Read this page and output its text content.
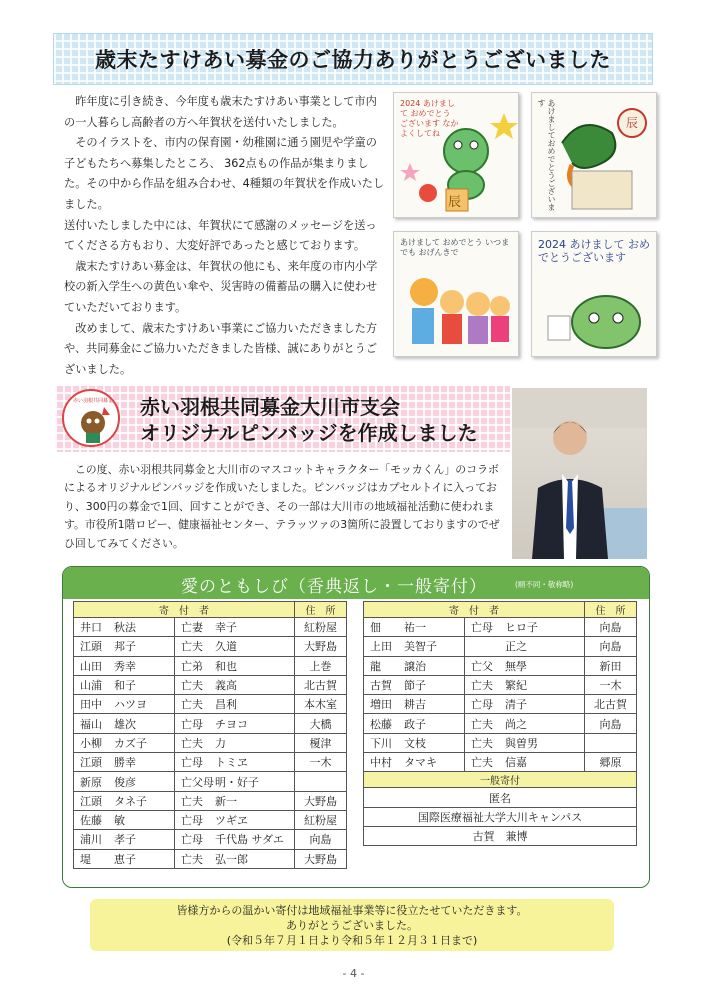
歳末たすけあい募金のご協力ありがとうございました

昨年度に引き続き、今年度も歳末たすけあい事業として市内の一人暮らし高齢者の方へ年賀状を送付いたしました。

そのイラストを、市内の保育園・幼稚園に通う園児や学童の子どもたちへ募集したところ、 362点もの作品が集まりました。その中から作品を組み合わせ、4種類の年賀状を作成いたしました。

送付いたしました中には、年賀状にて感謝のメッセージを送ってくださる方もおり、大変好評であったと感じております。

歳末たすけあい募金は、年賀状の他にも、来年度の市内小学校の新入学生への黄色い傘や、災害時の備蓄品の購入に使わせていただいております。

改めまして、歳末たすけあい事業にご協力いただきました方や、共同募金にご協力いただきました皆様、誠にありがとうございました。

2024 あけまして おめでとう ございます なかよくしてね
辰	あけましておめでとうございます
辰
あけまして おめでとう いつまでも おげんきで
2024 あけまして おめでとうございます
赤い羽根共同募金 赤い羽根共同募金大川市支会
オリジナルピンバッジを作成しました

この度、赤い羽根共同募金と大川市のマスコットキャラクター「モッカくん」のコラボによるオリジナルピンバッジを作成いたしました。ピンバッジはカプセルトイに入っており、300円の募金で1回、回すことができ、その一部は大川市の地域福祉活動に使われます。市役所1階ロビー、健康福祉センター、テラッツァの3箇所に設置しておりますのでぜひ回してみてください。

愛のともしび（香典返し・一般寄付）	(順不同・敬称略)
寄　付　者		住　所
井口 秋法	亡妻 幸子	紅粉屋
江頭 邦子	亡夫 久道	大野島
山田 秀幸	亡弟 和也	上巻
山浦 和子	亡夫 義高	北古賀
田中 ハツヨ	亡夫 昌利	本木室
福山 雄次	亡母 チヨコ	大橋
小柳 カズ子	亡夫 力	榎津
江頭 勝幸	亡母 トミヱ	一木
新原 俊彦	亡父母明・好子	
江頭 タネ子	亡夫 新一	大野島
佐藤 敏	亡母 ツギヱ	紅粉屋
浦川 孝子	亡母 千代島 サダエ	向島
堤 恵子	亡夫 弘一郎	大野島
寄　付　者		住　所
佃 祐一	亡母 ヒロ子	向島
上田 美智子	正之	向島
龍 譲治	亡父 無學	新田
古賀 節子	亡夫 繁紀	一木
増田 耕吉	亡母 清子	北古賀
松藤 政子	亡夫 尚之	向島
下川 文枝	亡夫 與曽男	
中村 タマキ	亡夫 信嘉	郷原
一般寄付		
匿名		
国際医療福祉大学大川キャンパス		
古賀　兼博		
皆様方からの温かい寄付は地域福祉事業等に役立たせていただきます。
ありがとうございました。
(令和５年７月１日より令和５年１２月３１日まで)
- 4 -
